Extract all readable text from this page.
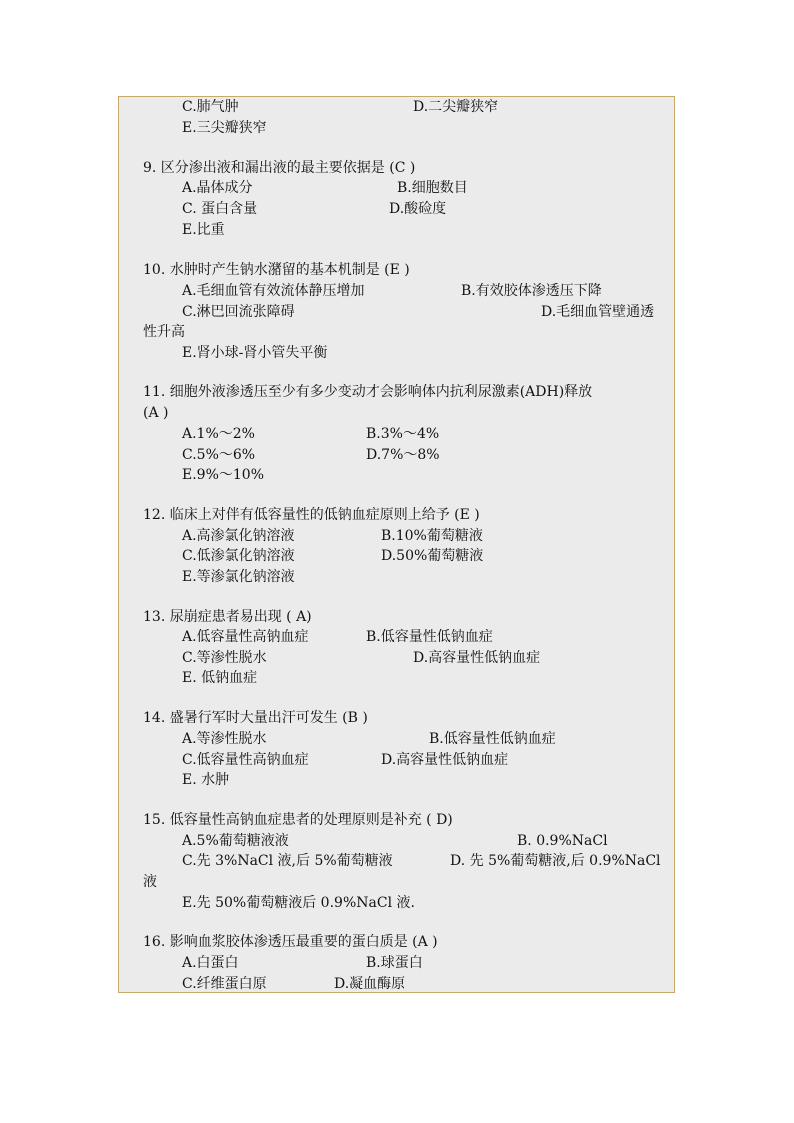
C.肺气肿	D.二尖瓣狭窄
E.三尖瓣狭窄
9. 区分渗出液和漏出液的最主要依据是 (C )
A.晶体成分	B.细胞数目
C. 蛋白含量	D.酸硷度
E.比重
10. 水肿时产生钠水潴留的基本机制是 (E )
A.毛细血管有效流体静压增加	B.有效胶体渗透压下降
C.淋巴回流张障碍	D.毛细血管壁通透
性升高
E.肾小球-肾小管失平衡
11. 细胞外液渗透压至少有多少变动才会影响体内抗利尿激素(ADH)释放
(A )
A.1%～2%	B.3%～4%
C.5%～6%	D.7%～8%
E.9%～10%
12. 临床上对伴有低容量性的低钠血症原则上给予 (E )
A.高渗氯化钠溶液	B.10%葡萄糖液
C.低渗氯化钠溶液	D.50%葡萄糖液
E.等渗氯化钠溶液
13. 尿崩症患者易出现 ( A)
A.低容量性高钠血症	B.低容量性低钠血症
C.等渗性脱水	D.高容量性低钠血症
E. 低钠血症
14. 盛暑行军时大量出汗可发生 (B )
A.等渗性脱水	B.低容量性低钠血症
C.低容量性高钠血症	D.高容量性低钠血症
E. 水肿
15. 低容量性高钠血症患者的处理原则是补充 ( D)
A.5%葡萄糖液液	B. 0.9%NaCl
C.先 3%NaCl 液,后 5%葡萄糖液	D. 先 5%葡萄糖液,后 0.9%NaCl
液
E.先 50%葡萄糖液后 0.9%NaCl 液.
16. 影响血浆胶体渗透压最重要的蛋白质是 (A )
A.白蛋白	B.球蛋白
C.纤维蛋白原	D.凝血酶原
